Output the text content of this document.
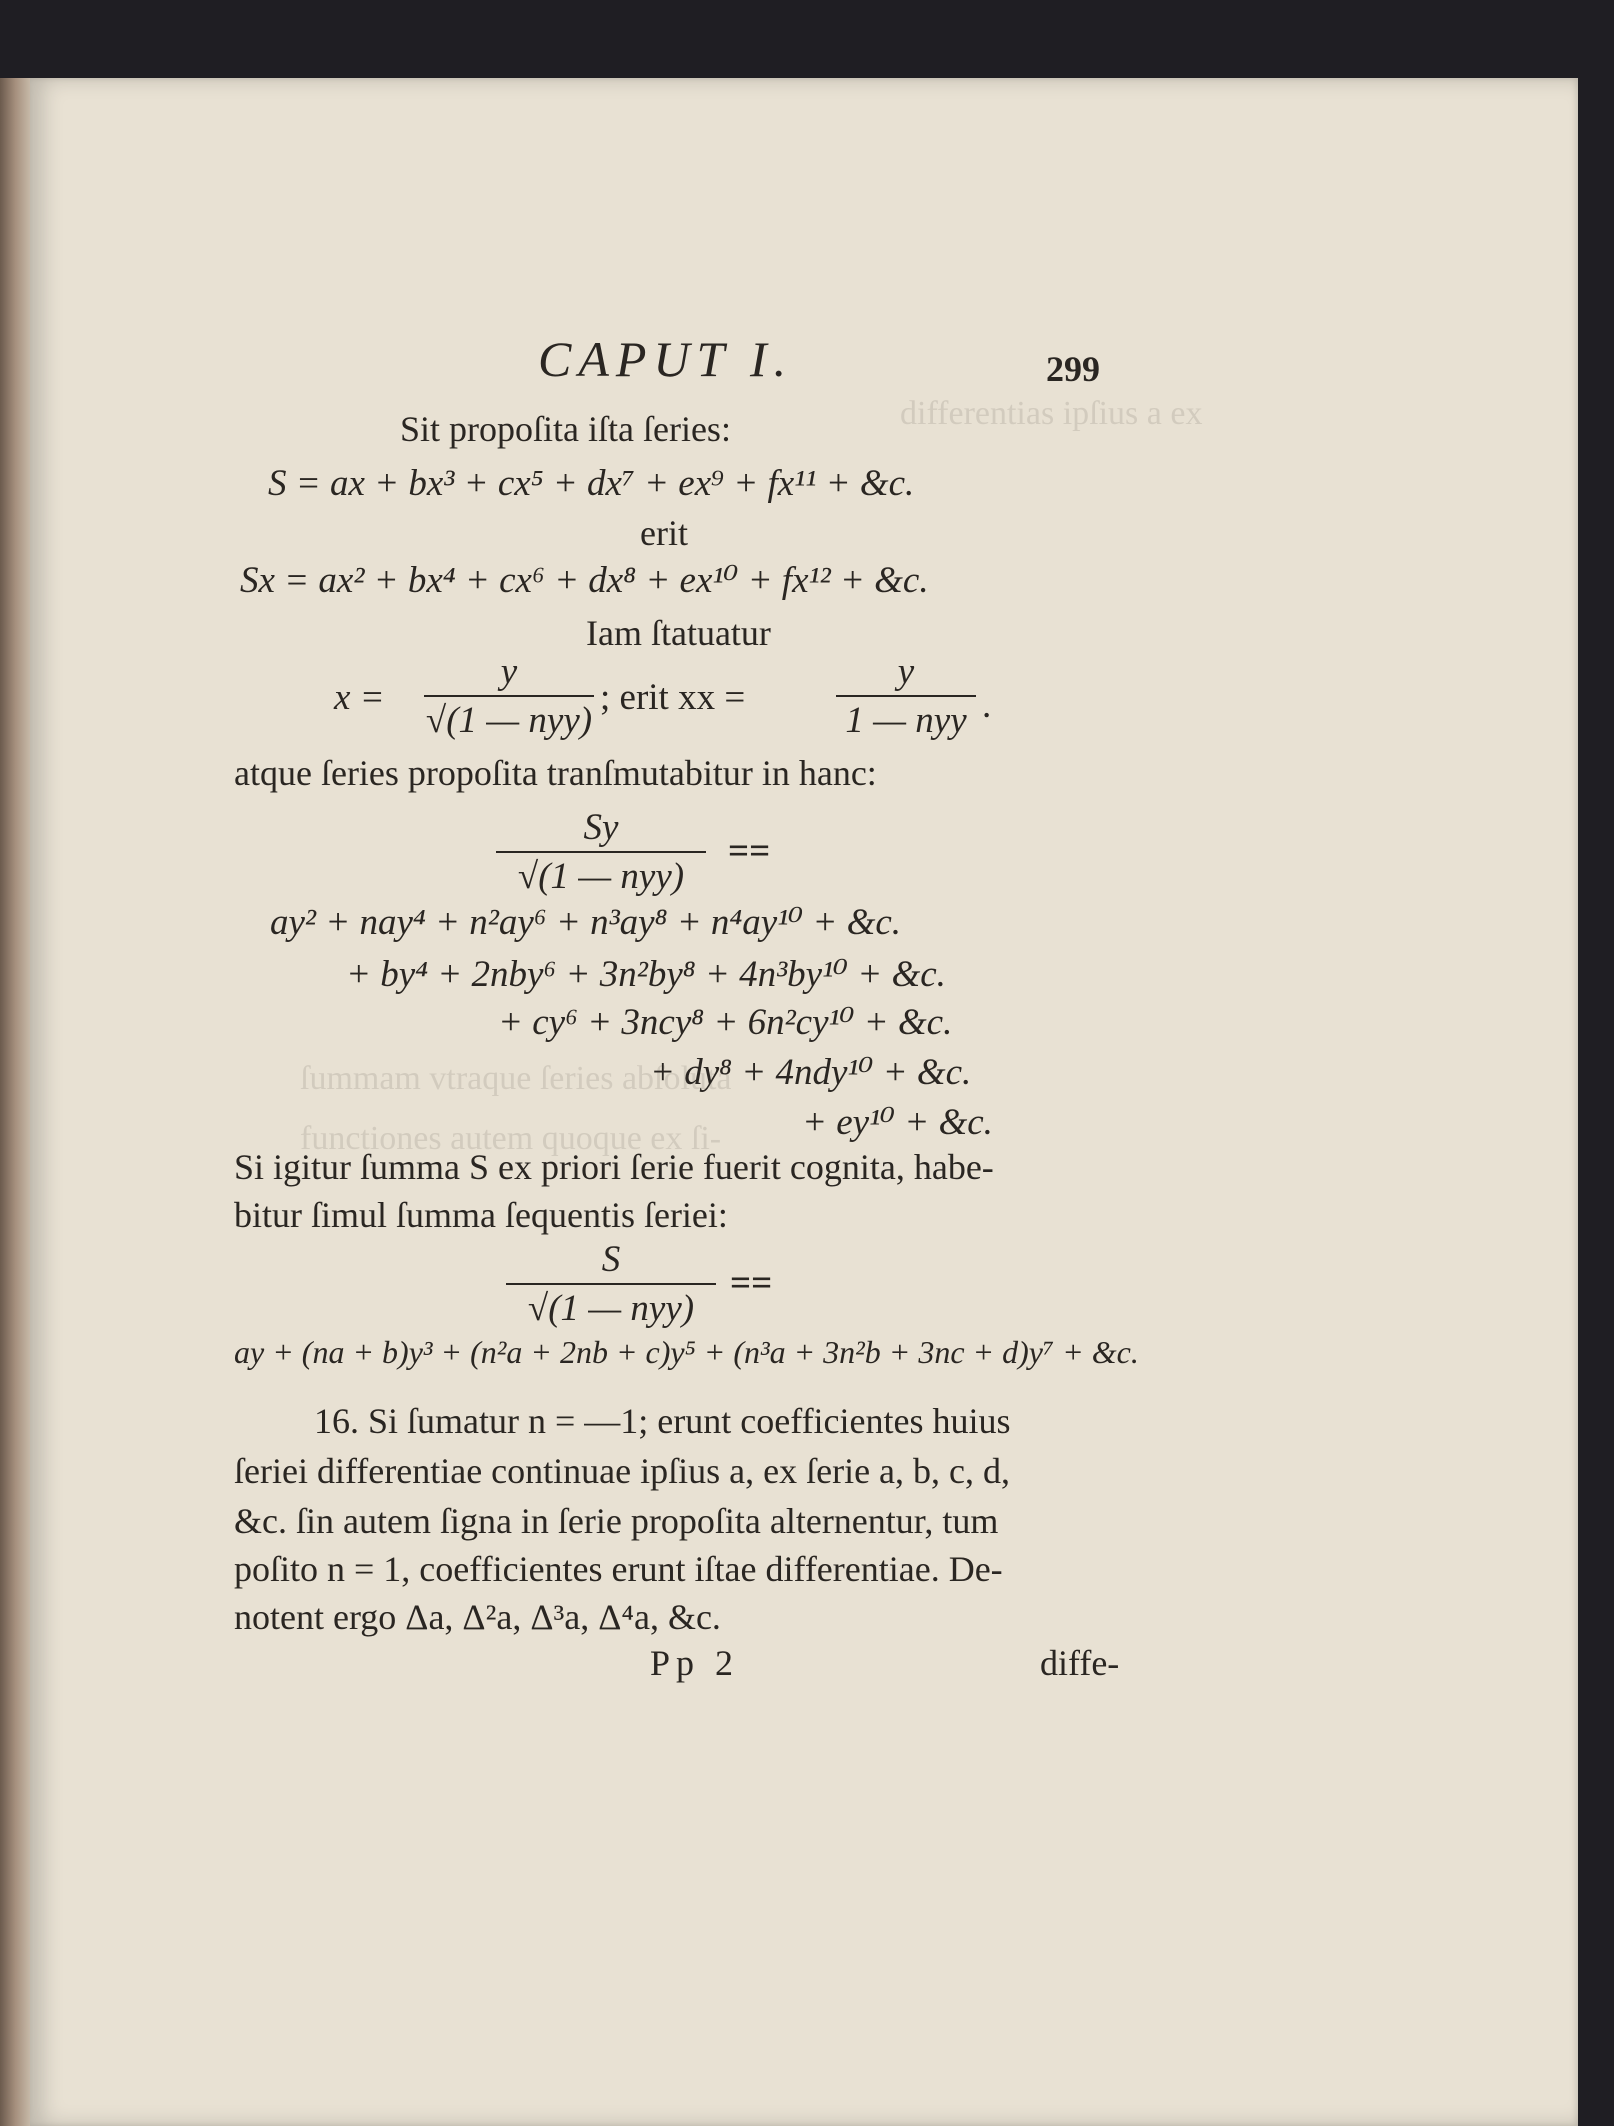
differentias ipſius a ex
ſummam vtraque ſeries abſoluta
functiones autem quoque ex ſi-
CAPUT I.	299
Sit propoſita iſta ſeries:
S = ax + bx³ + cx⁵ + dx⁷ + ex⁹ + fx¹¹ + &c.
erit
Sx = ax² + bx⁴ + cx⁶ + dx⁸ + ex¹⁰ + fx¹² + &c.
Iam ſtatuatur
x =
y
√(1 — nyy)
; erit xx =
y
1 — nyy .
atque ſeries propoſita tranſmutabitur in hanc:
Sy
√(1 — nyy)
==
ay² + nay⁴ + n²ay⁶ + n³ay⁸ + n⁴ay¹⁰ + &c.
+ by⁴ + 2nby⁶ + 3n²by⁸ + 4n³by¹⁰ + &c.
+ cy⁶ + 3ncy⁸ + 6n²cy¹⁰ + &c.
+ dy⁸ + 4ndy¹⁰ + &c.
+ ey¹⁰ + &c.
Si igitur ſumma S ex priori ſerie fuerit cognita, habe-
bitur ſimul ſumma ſequentis ſeriei:
S
√(1 — nyy)
==
ay + (na + b)y³ + (n²a + 2nb + c)y⁵ + (n³a + 3n²b + 3nc + d)y⁷ + &c.
16. Si ſumatur n = —1; erunt coefficientes huius
ſeriei differentiae continuae ipſius a, ex ſerie a, b, c, d,
&c. ſin autem ſigna in ſerie propoſita alternentur, tum
poſito n = 1, coefficientes erunt iſtae differentiae. De-
notent ergo Δa, Δ²a, Δ³a, Δ⁴a, &c.
Pp 2	diffe-
